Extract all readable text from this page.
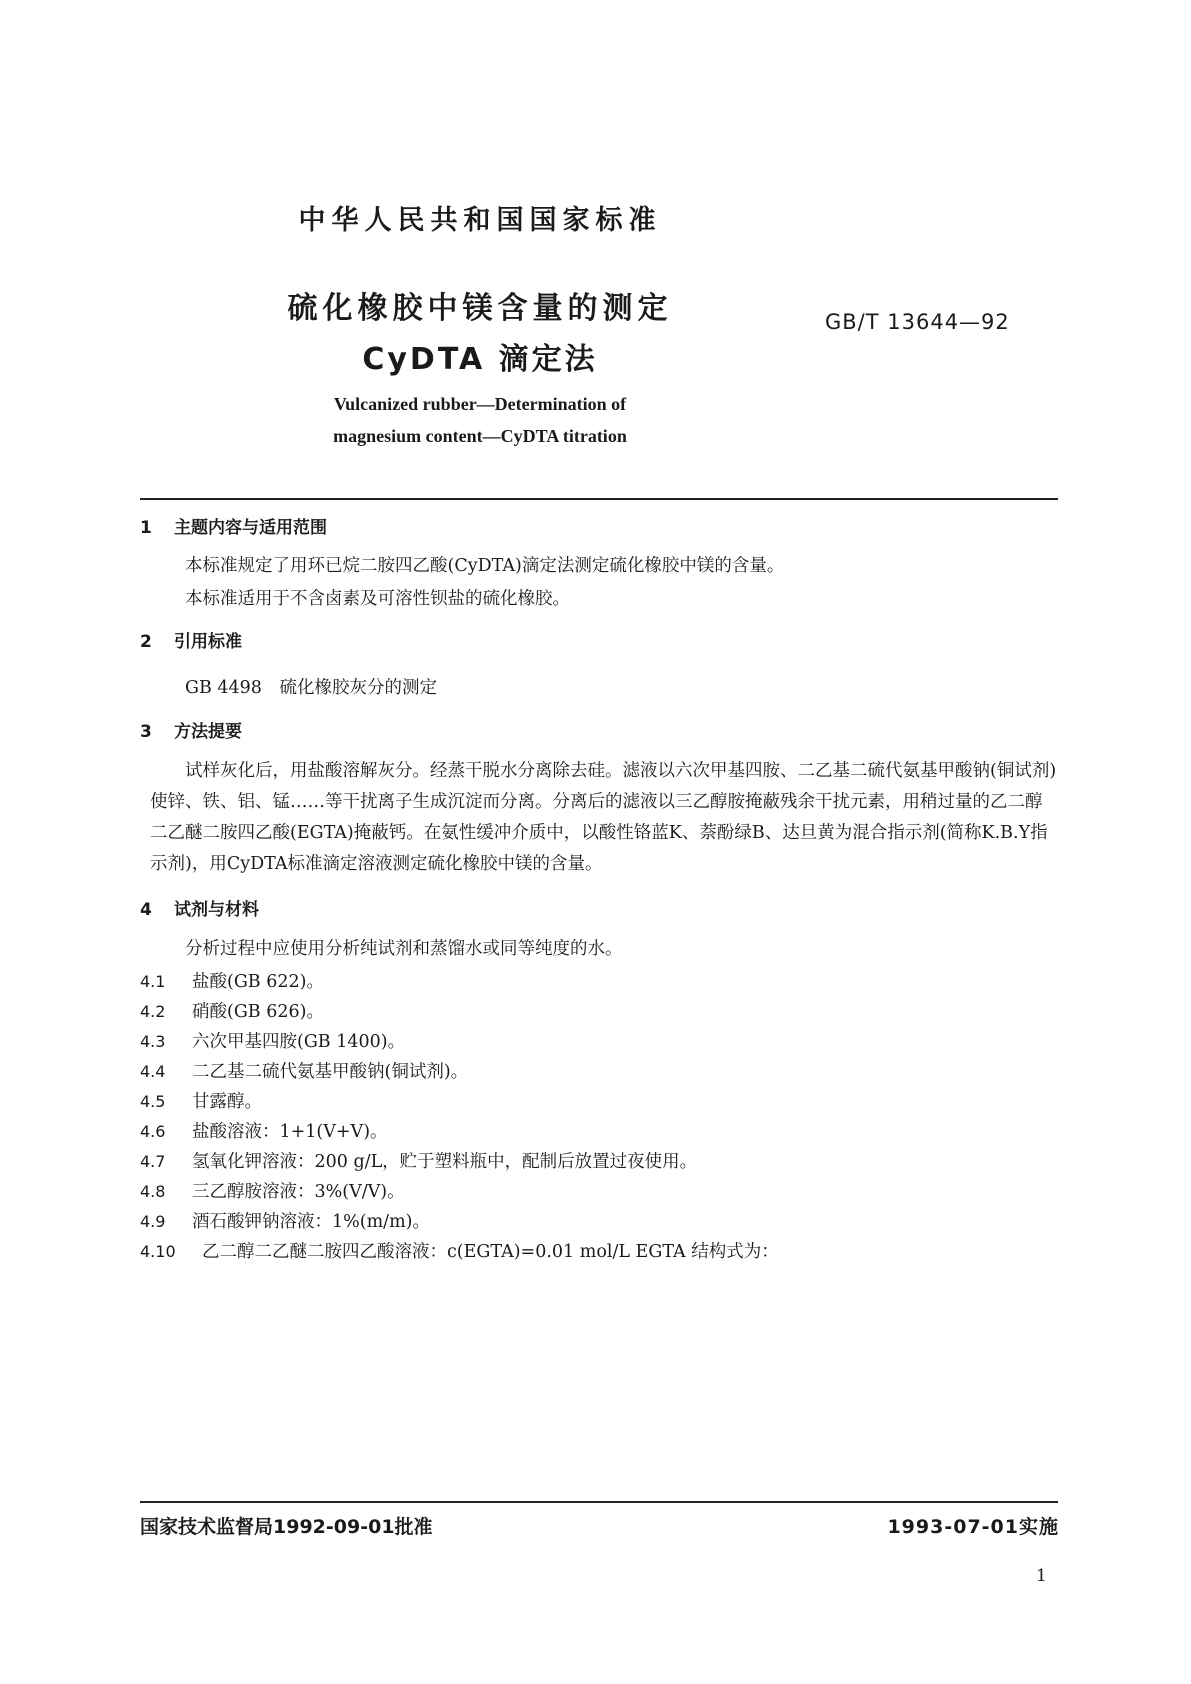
中华人民共和国国家标准
硫化橡胶中镁含量的测定
CyDTA 滴定法
GB/T 13644—92
Vulcanized rubber—Determination of
magnesium content—CyDTA titration
1 主题内容与适用范围
本标准规定了用环已烷二胺四乙酸(CyDTA)滴定法测定硫化橡胶中镁的含量。
本标准适用于不含卤素及可溶性钡盐的硫化橡胶。
2 引用标准
GB 4498　硫化橡胶灰分的测定
3 方法提要
试样灰化后，用盐酸溶解灰分。经蒸干脱水分离除去硅。滤液以六次甲基四胺、二乙基二硫代氨基甲酸钠(铜试剂)使锌、铁、铝、锰……等干扰离子生成沉淀而分离。分离后的滤液以三乙醇胺掩蔽残余干扰元素，用稍过量的乙二醇二乙醚二胺四乙酸(EGTA)掩蔽钙。在氨性缓冲介质中，以酸性铬蓝K、萘酚绿B、达旦黄为混合指示剂(简称K.B.Y指示剂)，用CyDTA标准滴定溶液测定硫化橡胶中镁的含量。
4 试剂与材料
分析过程中应使用分析纯试剂和蒸馏水或同等纯度的水。
4.1 盐酸(GB 622)。
4.2 硝酸(GB 626)。
4.3 六次甲基四胺(GB 1400)。
4.4 二乙基二硫代氨基甲酸钠(铜试剂)。
4.5 甘露醇。
4.6 盐酸溶液：1+1(V+V)。
4.7 氢氧化钾溶液：200 g/L，贮于塑料瓶中，配制后放置过夜使用。
4.8 三乙醇胺溶液：3%(V/V)。
4.9 酒石酸钾钠溶液：1%(m/m)。
4.10 乙二醇二乙醚二胺四乙酸溶液：c(EGTA)=0.01 mol/L EGTA 结构式为：
国家技术监督局1992-09-01批准	1993-07-01实施
1
